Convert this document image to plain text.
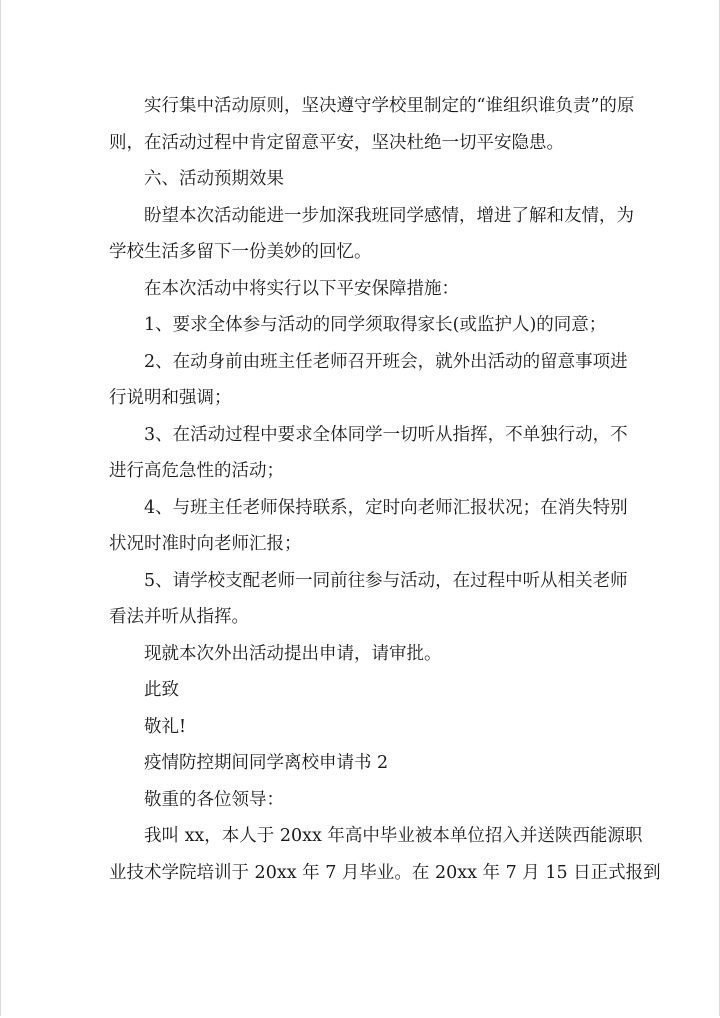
实行集中活动原则，坚决遵守学校里制定的“谁组织谁负责”的原
则，在活动过程中肯定留意平安，坚决杜绝一切平安隐患。
六、活动预期效果
盼望本次活动能进一步加深我班同学感情，增进了解和友情，为
学校生活多留下一份美妙的回忆。
在本次活动中将实行以下平安保障措施：
1、要求全体参与活动的同学须取得家长(或监护人)的同意；
2、在动身前由班主任老师召开班会，就外出活动的留意事项进
行说明和强调；
3、在活动过程中要求全体同学一切听从指挥，不单独行动，不
进行高危急性的活动；
4、与班主任老师保持联系，定时向老师汇报状况；在消失特别
状况时准时向老师汇报；
5、请学校支配老师一同前往参与活动，在过程中听从相关老师
看法并听从指挥。
现就本次外出活动提出申请，请审批。
此致
敬礼!
疫情防控期间同学离校申请书 2
敬重的各位领导：
我叫 xx，本人于 20xx 年高中毕业被本单位招入并送陕西能源职
业技术学院培训于 20xx 年 7 月毕业。在 20xx 年 7 月 15 日正式报到
